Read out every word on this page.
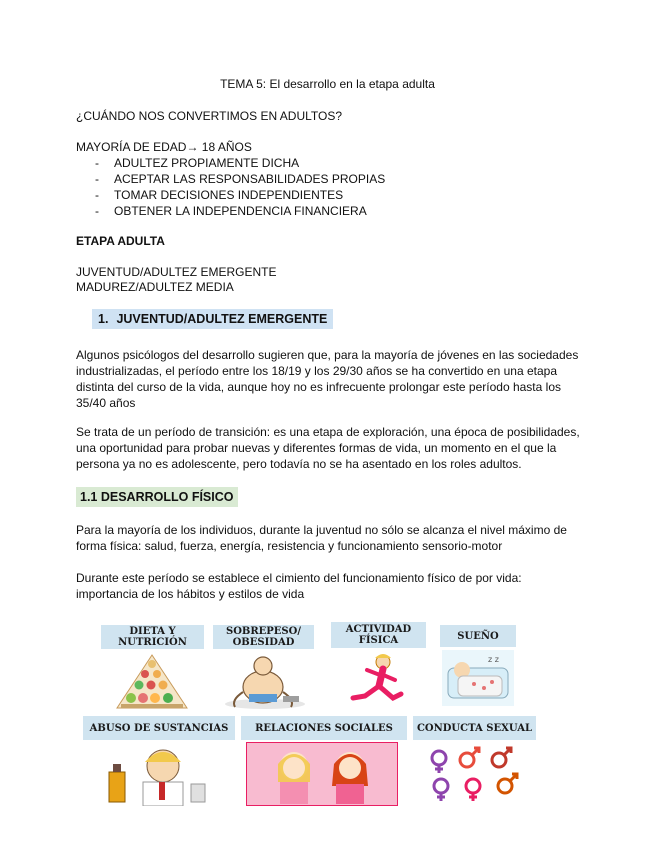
TEMA 5: El desarrollo en la etapa adulta
¿CUÁNDO NOS CONVERTIMOS EN ADULTOS?
MAYORÍA DE EDAD→ 18 AÑOS
- ADULTEZ PROPIAMENTE DICHA
- ACEPTAR LAS RESPONSABILIDADES PROPIAS
- TOMAR DECISIONES INDEPENDIENTES
- OBTENER LA INDEPENDENCIA FINANCIERA
ETAPA ADULTA
JUVENTUD/ADULTEZ EMERGENTE
MADUREZ/ADULTEZ MEDIA
1. JUVENTUD/ADULTEZ EMERGENTE
Algunos psicólogos del desarrollo sugieren que, para la mayoría de jóvenes en las sociedades
industrializadas, el período entre los 18/19 y los 29/30 años se ha convertido en una etapa
distinta del curso de la vida, aunque hoy no es infrecuente prolongar este período hasta los
35/40 años
Se trata de un período de transición: es una etapa de exploración, una época de posibilidades,
una oportunidad para probar nuevas y diferentes formas de vida, un momento en el que la
persona ya no es adolescente, pero todavía no se ha asentado en los roles adultos.
1.1 DESARROLLO FÍSICO
Para la mayoría de los individuos, durante la juventud no sólo se alcanza el nivel máximo de
forma física: salud, fuerza, energía, resistencia y funcionamiento sensorio-motor
Durante este período se establece el cimiento del funcionamiento físico de por vida:
importancia de los hábitos y estilos de vida
DIETA Y
NUTRICIÓN
SOBREPESO/
OBESIDAD
ACTIVIDAD
FÍSICA	SUEÑO
z z
ABUSO DE SUSTANCIAS	RELACIONES SOCIALES	CONDUCTA SEXUAL
